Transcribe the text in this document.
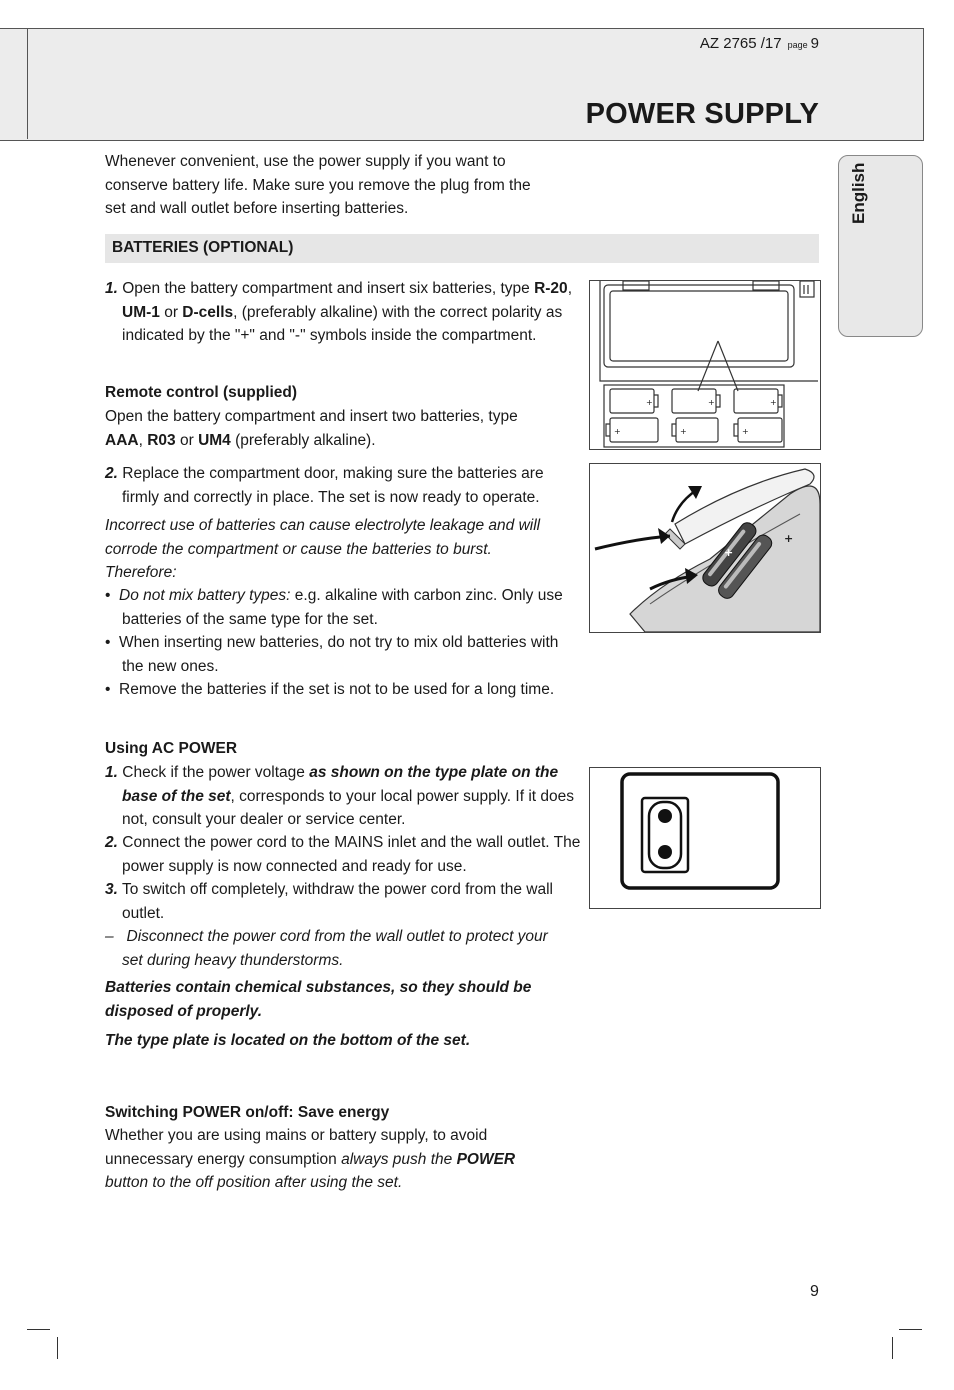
AZ 2765 /17 page 9
POWER SUPPLY
English
Whenever convenient, use the power supply if you want to conserve battery life. Make sure you remove the plug from the set and wall outlet before inserting batteries.
BATTERIES (OPTIONAL)
1. Open the battery compartment and insert six batteries, type R-20, UM-1 or D-cells, (preferably alkaline) with the correct polarity as indicated by the "+" and "-" symbols inside the compartment.
Remote control (supplied)
Open the battery compartment and insert two batteries, type AAA, R03 or UM4 (preferably alkaline).
2. Replace the compartment door, making sure the batteries are firmly and correctly in place. The set is now ready to operate.
Incorrect use of batteries can cause electrolyte leakage and will corrode the compartment or cause the batteries to burst. Therefore:
•  Do not mix battery types: e.g. alkaline with carbon zinc. Only use batteries of the same type for the set.
•  When inserting new batteries, do not try to mix old batteries with the new ones.
•  Remove the batteries if the set is not to be used for a long time.
Using AC POWER
1. Check if the power voltage as shown on the type plate on the base of the set, corresponds to your local power supply. If it does not, consult your dealer or service center.
2. Connect the power cord to the MAINS inlet and the wall outlet. The power supply is now connected and ready for use.
3. To switch off completely, withdraw the power cord from the wall outlet.
–   Disconnect the power cord from the wall outlet to protect your set during heavy thunderstorms.
Batteries contain chemical substances, so they should be disposed of properly.
The type plate is located on the bottom of the set.
Switching POWER on/off: Save energy
Whether you are using mains or battery supply, to avoid unnecessary energy consumption always push the POWER button to the off position after using the set.
+	+	+
+	+	+
+
+
9
